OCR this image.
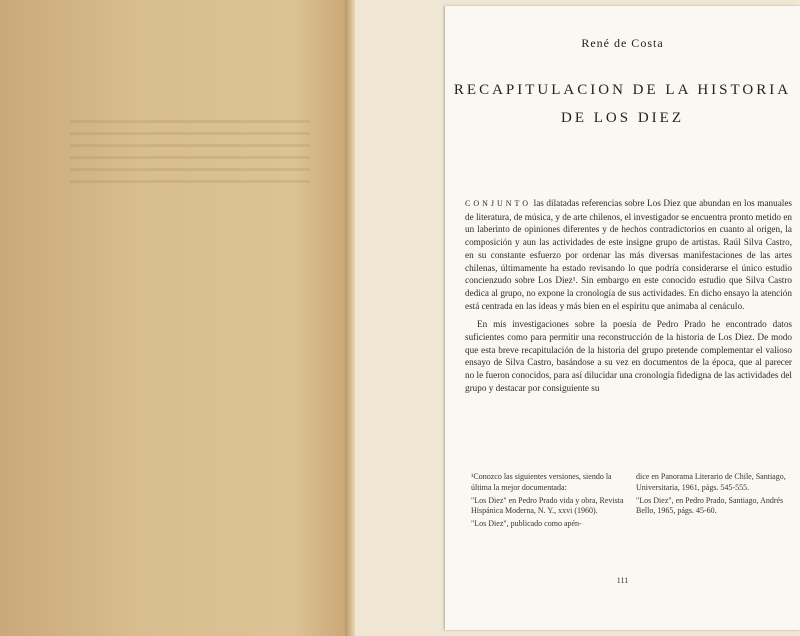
René de Costa
RECAPITULACION DE LA HISTORIA
DE LOS DIEZ

CONJUNTO las dilatadas referencias sobre Los Diez que abundan en los manuales de literatura, de música, y de arte chilenos, el investigador se encuentra pronto metido en un laberinto de opiniones diferentes y de hechos contradictorios en cuanto al origen, la composición y aun las actividades de este insigne grupo de artistas. Raúl Silva Castro, en su constante esfuerzo por ordenar las más diversas manifestaciones de las artes chilenas, últimamente ha estado revisando lo que podría considerarse el único estudio concienzudo sobre Los Diez¹. Sin embargo en este conocido estudio que Silva Castro dedica al grupo, no expone la cronología de sus actividades. En dicho ensayo la atención está centrada en las ideas y más bien en el espíritu que animaba al cenáculo.

En mis investigaciones sobre la poesía de Pedro Prado he encontrado datos suficientes como para permitir una reconstrucción de la historia de Los Diez. De modo que esta breve recapitulación de la historia del grupo pretende complementar el valioso ensayo de Silva Castro, basándose a su vez en documentos de la época, que al parecer no le fueron conocidos, para así dilucidar una cronología fidedigna de las actividades del grupo y destacar por consiguiente su

¹Conozco las siguientes versiones, siendo la última la mejor documentada:

"Los Diez" en Pedro Prado vida y obra, Revista Hispánica Moderna, N. Y., xxvi (1960).

"Los Diez", publicado como apén-

dice en Panorama Literario de Chile, Santiago, Universitaria, 1961, págs. 545-555.

"Los Diez", en Pedro Prado, Santiago, Andrés Bello, 1965, págs. 45-60.

111
